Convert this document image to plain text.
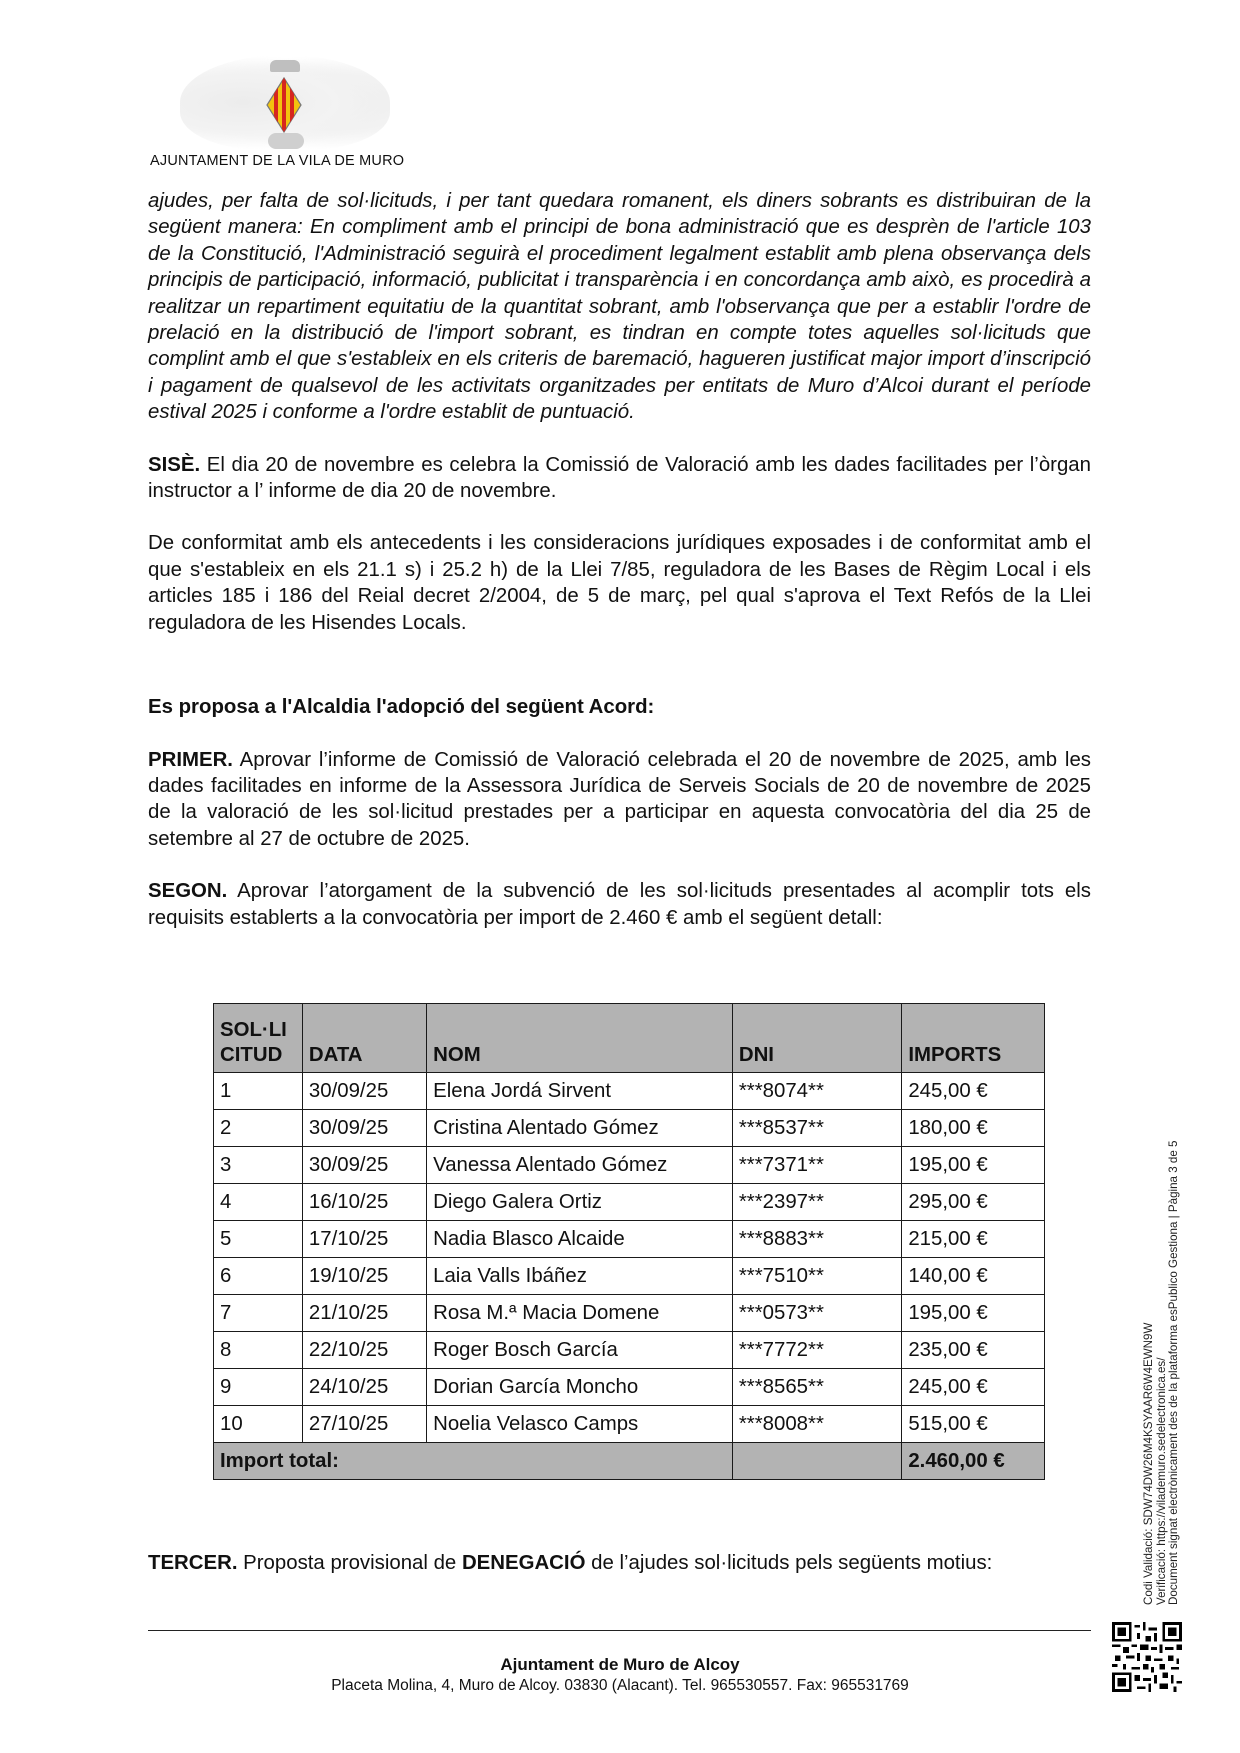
AJUNTAMENT DE LA VILA DE MURO

ajudes, per falta de sol·licituds, i per tant quedara romanent, els diners sobrants es distribuiran de la següent manera: En compliment amb el principi de bona administració que es desprèn de l'article 103 de la Constitució, l'Administració seguirà el procediment legalment establit amb plena observança dels principis de participació, informació, publicitat i transparència i en concordança amb això, es procedirà a realitzar un repartiment equitatiu de la quantitat sobrant, amb l'observança que per a establir l'ordre de prelació en la distribució de l'import sobrant, es tindran en compte totes aquelles sol·licituds que complint amb el que s'estableix en els criteris de baremació, hagueren justificat major import d’inscripció i pagament de qualsevol de les activitats organitzades per entitats de Muro d’Alcoi durant el període estival 2025 i conforme a l'ordre establit de puntuació.

SISÈ. El dia 20 de novembre es celebra la Comissió de Valoració amb les dades facilitades per l’òrgan instructor a l’ informe de dia 20 de novembre.

De conformitat amb els antecedents i les consideracions jurídiques exposades i de conformitat amb el que s'estableix en els 21.1 s) i 25.2 h) de la Llei 7/85, reguladora de les Bases de Règim Local i els articles 185 i 186 del Reial decret 2/2004, de 5 de març, pel qual s'aprova el Text Refós de la Llei reguladora de les Hisendes Locals.

Es proposa a l'Alcaldia l'adopció del següent Acord:

PRIMER. Aprovar l’informe de Comissió de Valoració celebrada el 20 de novembre de 2025, amb les dades facilitades en informe de la Assessora Jurídica de Serveis Socials de 20 de novembre de 2025 de la valoració de les sol·licitud prestades per a participar en aquesta convocatòria del dia 25 de setembre al 27 de octubre de 2025.

SEGON. Aprovar l’atorgament de la subvenció de les sol·licituds presentades al acomplir tots els requisits establerts a la convocatòria per import de 2.460 € amb el següent detall:

SOL·LI
CITUD	DATA	NOM	DNI	IMPORTS
1	30/09/25	Elena Jordá Sirvent	***8074**	245,00 €
2	30/09/25	Cristina Alentado Gómez	***8537**	180,00 €
3	30/09/25	Vanessa Alentado Gómez	***7371**	195,00 €
4	16/10/25	Diego Galera Ortiz	***2397**	295,00 €
5	17/10/25	Nadia Blasco Alcaide	***8883**	215,00 €
6	19/10/25	Laia Valls Ibáñez	***7510**	140,00 €
7	21/10/25	Rosa M.ª Macia Domene	***0573**	195,00 €
8	22/10/25	Roger Bosch García	***7772**	235,00 €
9	24/10/25	Dorian García Moncho	***8565**	245,00 €
10	27/10/25	Noelia Velasco Camps	***8008**	515,00 €
Import total:				2.460,00 €

TERCER. Proposta provisional de DENEGACIÓ de l’ajudes sol·licituds pels següents motius:

Ajuntament de Muro de Alcoy
Placeta Molina, 4, Muro de Alcoy. 03830 (Alacant). Tel. 965530557. Fax: 965531769
Codi Validació: SDW74DW26M4KSYAAR6W4EWN9W Verificació: https://vilademuro.sedelectronica.es/ Document signat electrònicament des de la plataforma esPublico Gestiona | Pàgina 3 de 5
